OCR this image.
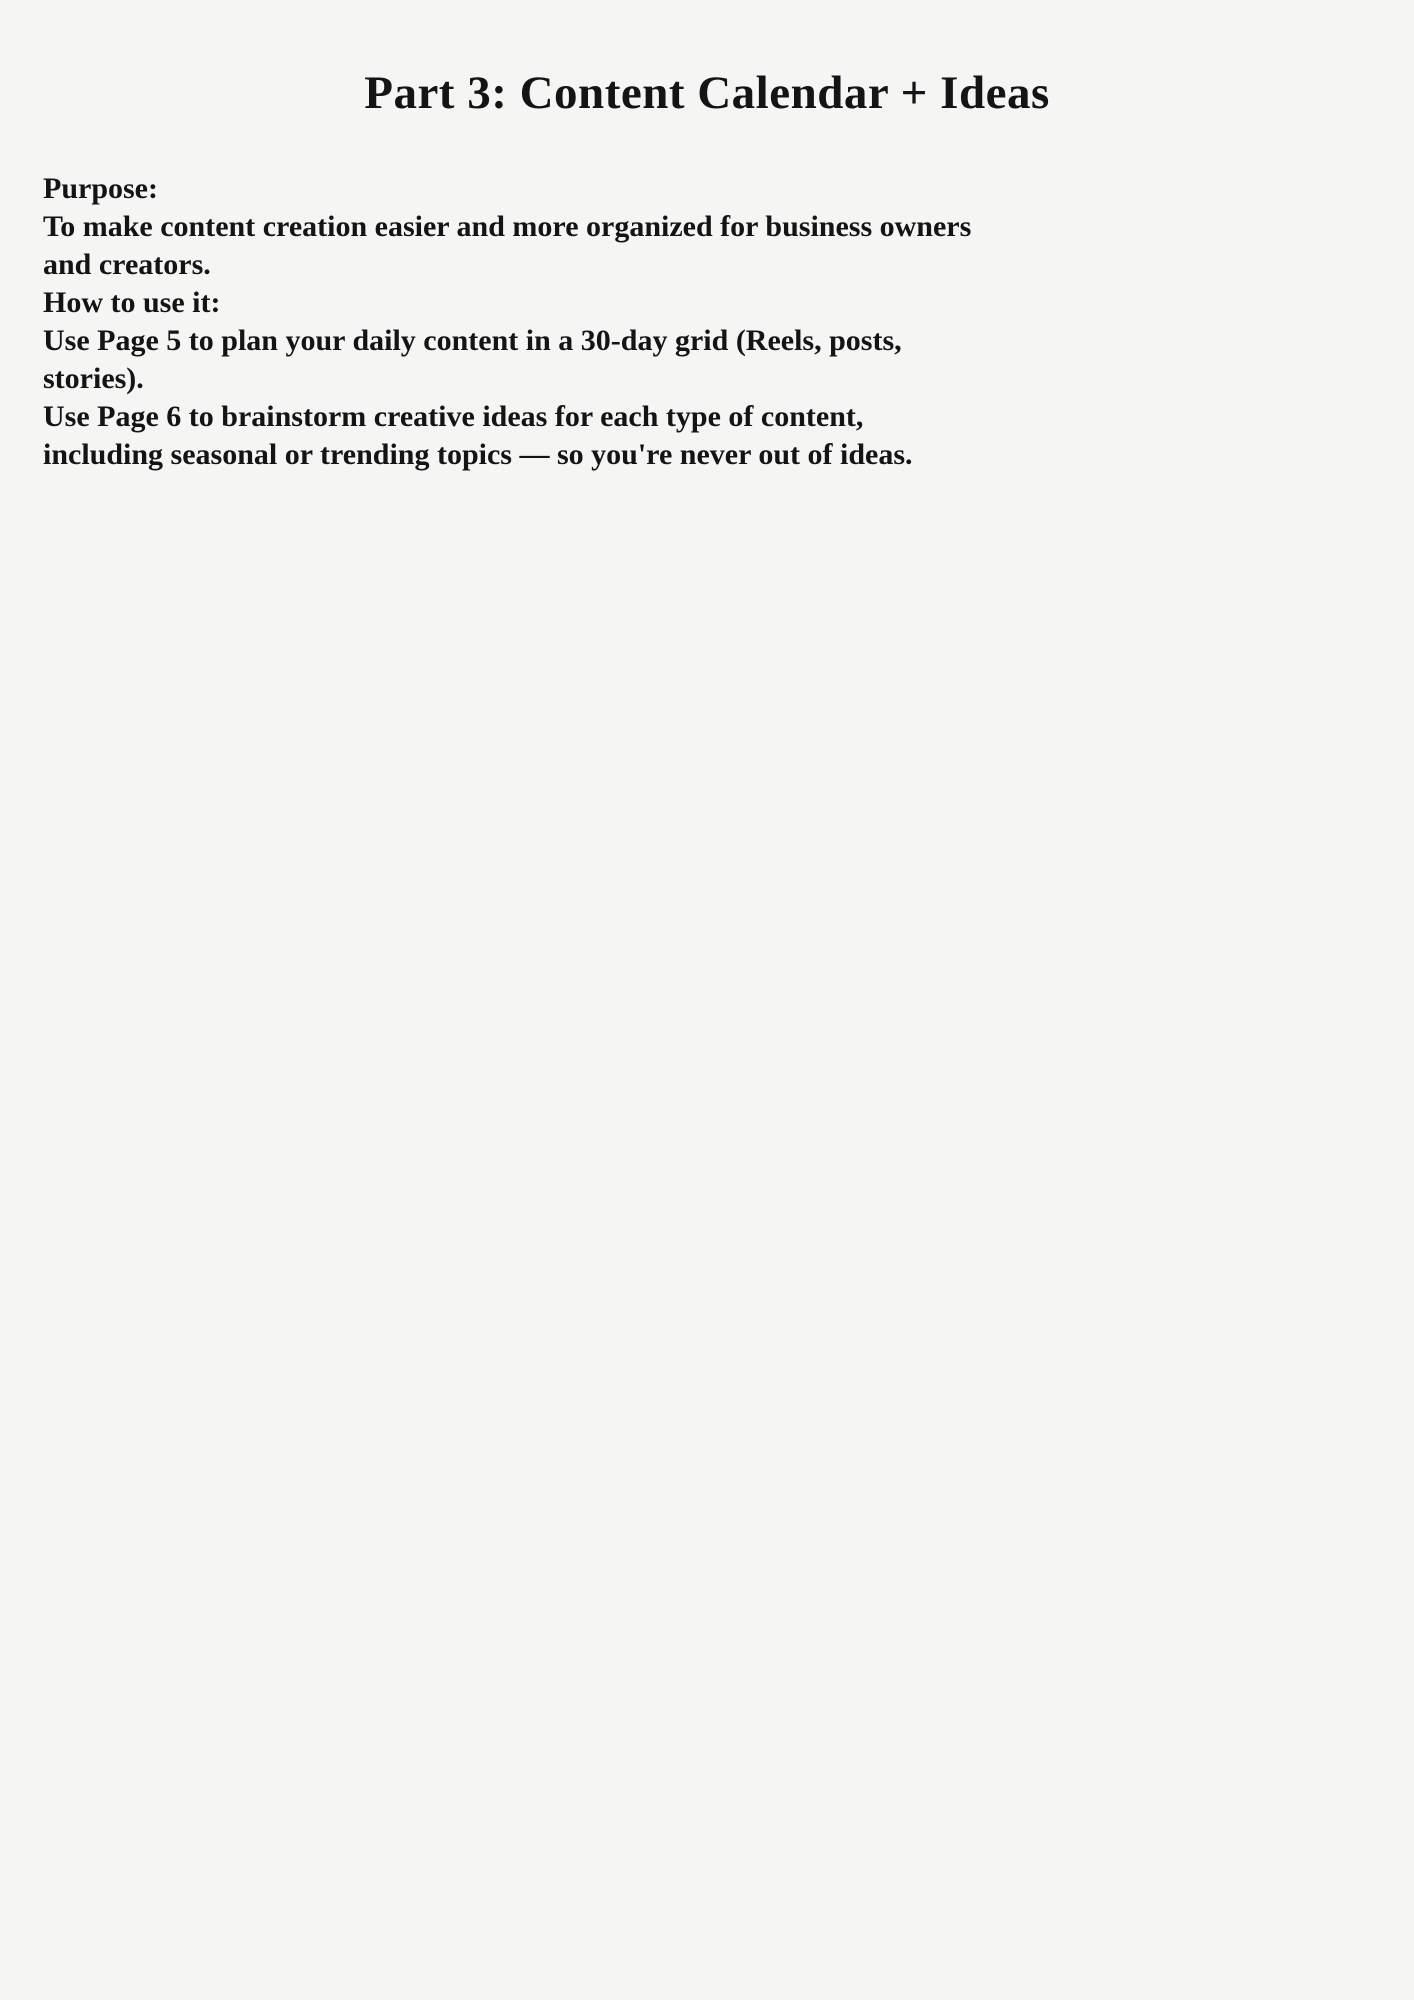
Part 3: Content Calendar + Ideas

Purpose:

To make content creation easier and more organized for business owners

and creators.

How to use it:

Use Page 5 to plan your daily content in a 30-day grid (Reels, posts,

stories).

Use Page 6 to brainstorm creative ideas for each type of content,

including seasonal or trending topics — so you're never out of ideas.
